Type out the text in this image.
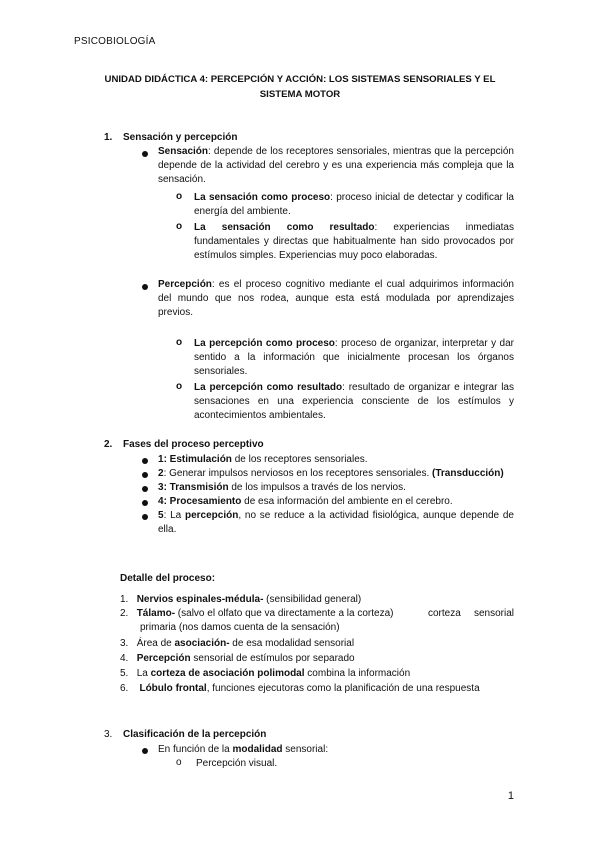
PSICOBIOLOGÍA
UNIDAD DIDÁCTICA 4: PERCEPCIÓN Y ACCIÓN: LOS SISTEMAS SENSORIALES Y EL SISTEMA MOTOR
1. Sensación y percepción
Sensación: depende de los receptores sensoriales, mientras que la percepción depende de la actividad del cerebro y es una experiencia más compleja que la sensación.
o La sensación como proceso: proceso inicial de detectar y codificar la energía del ambiente.
o La sensación como resultado: experiencias inmediatas fundamentales y directas que habitualmente han sido provocados por estímulos simples. Experiencias muy poco elaboradas.
Percepción: es el proceso cognitivo mediante el cual adquirimos información del mundo que nos rodea, aunque esta está modulada por aprendizajes previos.
o La percepción como proceso: proceso de organizar, interpretar y dar sentido a la información que inicialmente procesan los órganos sensoriales.
o La percepción como resultado: resultado de organizar e integrar las sensaciones en una experiencia consciente de los estímulos y acontecimientos ambientales.
2. Fases del proceso perceptivo
1: Estimulación de los receptores sensoriales.
2: Generar impulsos nerviosos en los receptores sensoriales. (Transducción)
3: Transmisión de los impulsos a través de los nervios.
4: Procesamiento de esa información del ambiente en el cerebro.
5: La percepción, no se reduce a la actividad fisiológica, aunque depende de ella.
Detalle del proceso:
1. Nervios espinales-médula- (sensibilidad general)
2. Tálamo- (salvo el olfato que va directamente a la corteza)	corteza sensorial
primaria (nos damos cuenta de la sensación)
3. Área de asociación- de esa modalidad sensorial
4. Percepción sensorial de estímulos por separado
5. La corteza de asociación polimodal combina la información
6. Lóbulo frontal, funciones ejecutoras como la planificación de una respuesta
3. Clasificación de la percepción
En función de la modalidad sensorial:
o Percepción visual.
1
